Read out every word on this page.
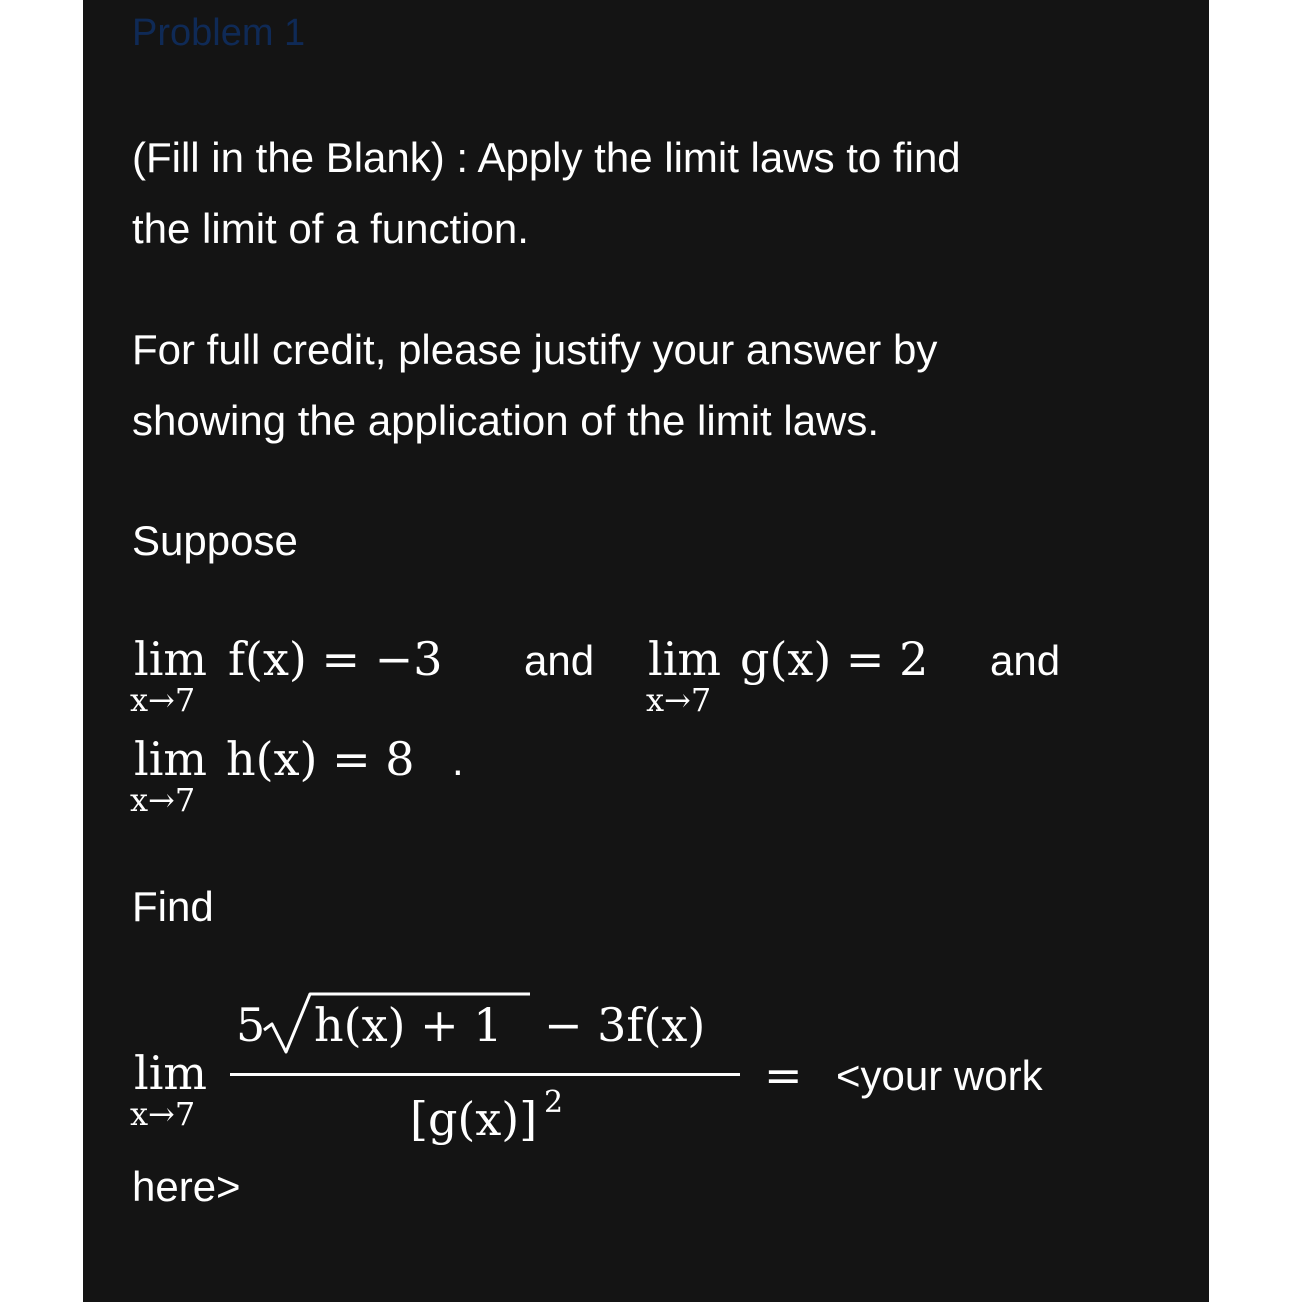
Problem 1
(Fill in the Blank) : Apply the limit laws to find
the limit of a function.
For full credit, please justify your answer by
showing the application of the limit laws.
Suppose
lim
x→7
f(x) = −3 and lim
x→7
g(x) = 2 and
lim
x→7
h(x) = 8 .
Find
lim
x→7
5 h(x) + 1 − 3f(x)
[g(x)] 2
= <your work
here>
